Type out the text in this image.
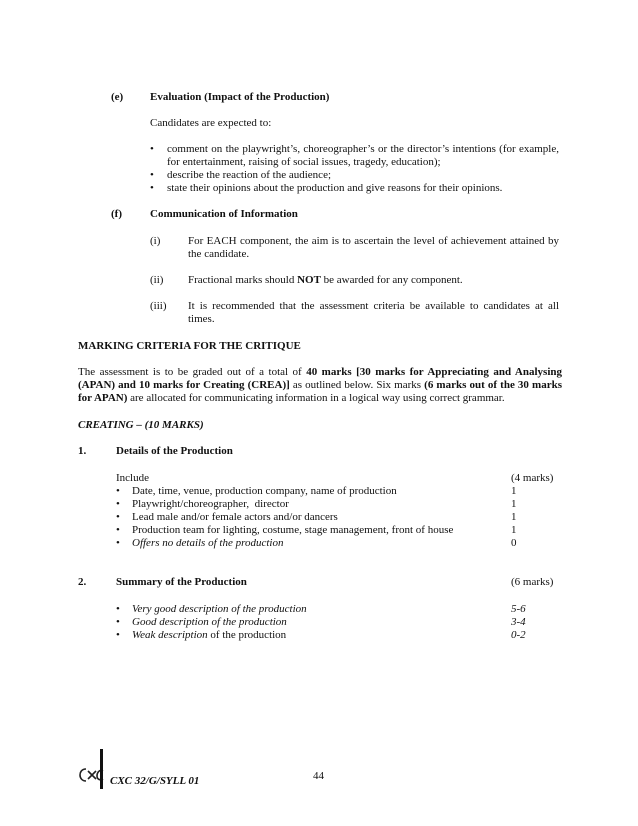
(e) Evaluation (Impact of the Production)
Candidates are expected to:
• comment on the playwright’s, choreographer’s or the director’s intentions (for example, for entertainment, raising of social issues, tragedy, education);
• describe the reaction of the audience;
• state their opinions about the production and give reasons for their opinions.
(f)	Communication of Information
(i)	For EACH component, the aim is to ascertain the level of achievement attained by the candidate.
(ii) Fractional marks should NOT be awarded for any component.
(iii) It is recommended that the assessment criteria be available to candidates at all times.
MARKING CRITERIA FOR THE CRITIQUE
The assessment is to be graded out of a total of 40 marks [30 marks for Appreciating and Analysing (APAN) and 10 marks for Creating (CREA)] as outlined below. Six marks (6 marks out of the 30 marks for APAN) are allocated for communicating information in a logical way using correct grammar.
CREATING – (10 MARKS)
1.	Details of the Production
Include	(4 marks)
• Date, time, venue, production company, name of production	1
• Playwright/choreographer,  director	1
• Lead male and/or female actors and/or dancers	1
• Production team for lighting, costume, stage management, front of house	1
• Offers no details of the production	0
2.	Summary of the Production	(6 marks)
• Very good description of the production	5-6
• Good description of the production	3-4
• Weak description of the production	0-2
44
CXC 32/G/SYLL 01
